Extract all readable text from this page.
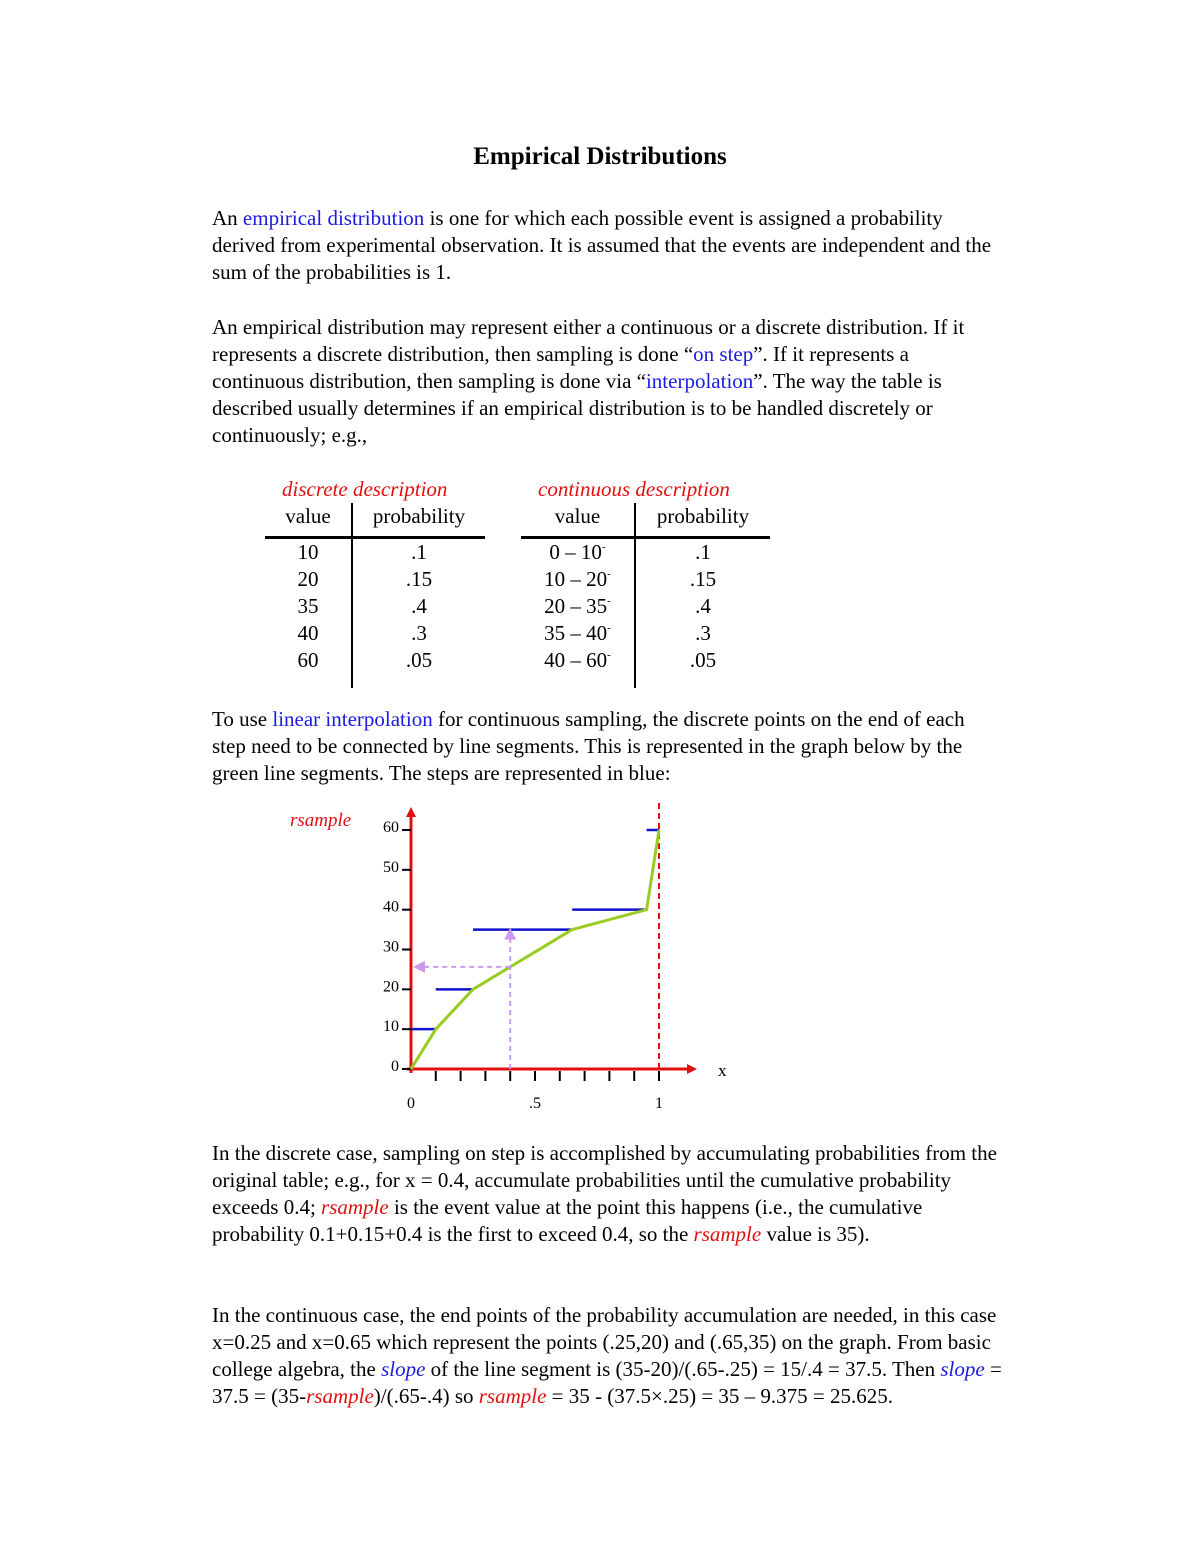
Empirical Distributions

An empirical distribution is one for which each possible event is assigned a probability derived from experimental observation. It is assumed that the events are independent and the sum of the probabilities is 1.

An empirical distribution may represent either a continuous or a discrete distribution. If it represents a discrete distribution, then sampling is done “on step”. If it represents a continuous distribution, then sampling is done via “interpolation”. The way the table is described usually determines if an empirical distribution is to be handled discretely or continuously; e.g.,

discrete description
value	probability
10	.1
20	.15
35	.4
40	.3
60	.05

continuous description
value	probability
0 – 10-	.1
10 – 20-	.15
20 – 35-	.4
35 – 40-	.3
40 – 60-	.05

To use linear interpolation for continuous sampling, the discrete points on the end of each step need to be connected by line segments. This is represented in the graph below by the green line segments. The steps are represented in blue:

rsample
x
0
10
20
30
40
50
60
0	.5	1

In the discrete case, sampling on step is accomplished by accumulating probabilities from the original table; e.g., for x = 0.4, accumulate probabilities until the cumulative probability exceeds 0.4; rsample is the event value at the point this happens (i.e., the cumulative probability 0.1+0.15+0.4 is the first to exceed 0.4, so the rsample value is 35).

In the continuous case, the end points of the probability accumulation are needed, in this case x=0.25 and x=0.65 which represent the points (.25,20) and (.65,35) on the graph. From basic college algebra, the slope of the line segment is (35-20)/(.65-.25) = 15/.4 = 37.5. Then slope = 37.5 = (35-rsample)/(.65-.4) so rsample = 35 - (37.5×.25) = 35 – 9.375 = 25.625.
